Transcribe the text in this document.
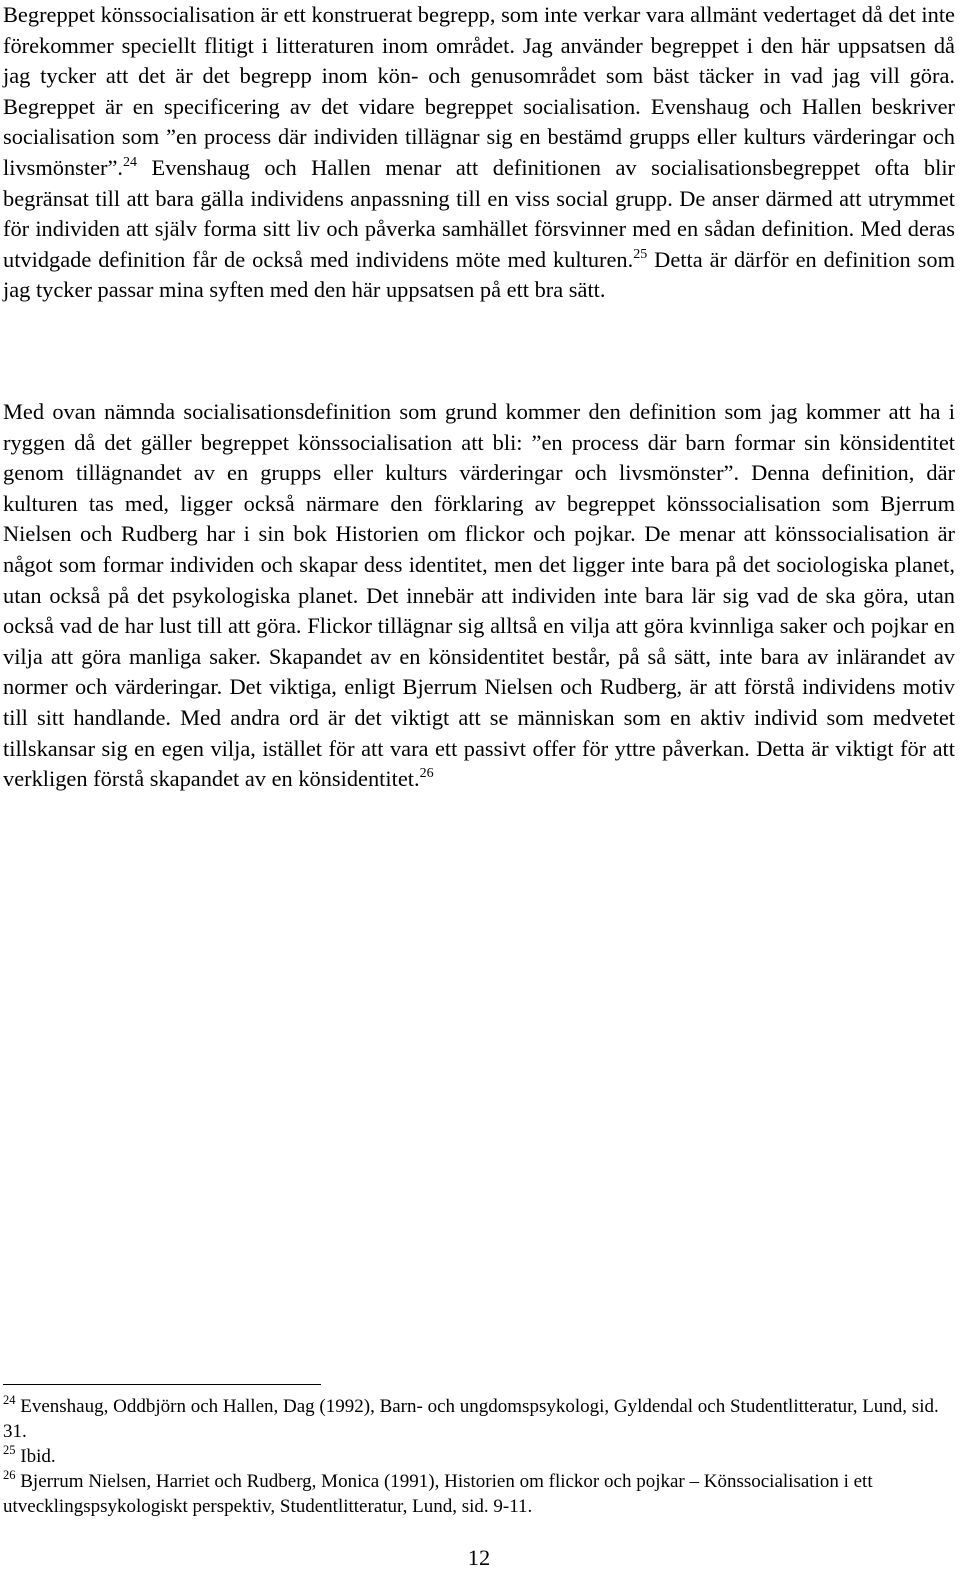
Begreppet könssocialisation är ett konstruerat begrepp, som inte verkar vara allmänt vedertaget då det inte förekommer speciellt flitigt i litteraturen inom området. Jag använder begreppet i den här uppsatsen då jag tycker att det är det begrepp inom kön- och genusområdet som bäst täcker in vad jag vill göra. Begreppet är en specificering av det vidare begreppet socialisation. Evenshaug och Hallen beskriver socialisation som ”en process där individen tillägnar sig en bestämd grupps eller kulturs värderingar och livsmönster”.$^{24}$ Evenshaug och Hallen menar att definitionen av socialisationsbegreppet ofta blir begränsat till att bara gälla individens anpassning till en viss social grupp. De anser därmed att utrymmet för individen att själv forma sitt liv och påverka samhället försvinner med en sådan definition. Med deras utvidgade definition får de också med individens möte med kulturen.$^{25}$ Detta är därför en definition som jag tycker passar mina syften med den här uppsatsen på ett bra sätt.

Med ovan nämnda socialisationsdefinition som grund kommer den definition som jag kommer att ha i ryggen då det gäller begreppet könssocialisation att bli: ”en process där barn formar sin könsidentitet genom tillägnandet av en grupps eller kulturs värderingar och livsmönster”. Denna definition, där kulturen tas med, ligger också närmare den förklaring av begreppet könssocialisation som Bjerrum Nielsen och Rudberg har i sin bok Historien om flickor och pojkar. De menar att könssocialisation är något som formar individen och skapar dess identitet, men det ligger inte bara på det sociologiska planet, utan också på det psykologiska planet. Det innebär att individen inte bara lär sig vad de ska göra, utan också vad de har lust till att göra. Flickor tillägnar sig alltså en vilja att göra kvinnliga saker och pojkar en vilja att göra manliga saker. Skapandet av en könsidentitet består, på så sätt, inte bara av inlärandet av normer och värderingar. Det viktiga, enligt Bjerrum Nielsen och Rudberg, är att förstå individens motiv till sitt handlande. Med andra ord är det viktigt att se människan som en aktiv individ som medvetet tillskansar sig en egen vilja, istället för att vara ett passivt offer för yttre påverkan. Detta är viktigt för att verkligen förstå skapandet av en könsidentitet.$^{26}$

$^{24}$ Evenshaug, Oddbjörn och Hallen, Dag (1992), Barn- och ungdomspsykologi, Gyldendal och Studentlitteratur, Lund, sid. 31.

$^{25}$ Ibid.

$^{26}$ Bjerrum Nielsen, Harriet och Rudberg, Monica (1991), Historien om flickor och pojkar – Könssocialisation i ett utvecklingspsykologiskt perspektiv, Studentlitteratur, Lund, sid. 9-11.

12
